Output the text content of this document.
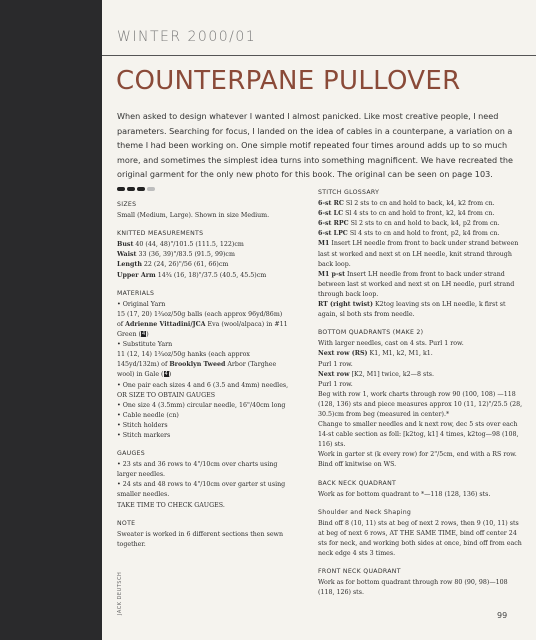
WINTER 2000/01
COUNTERPANE PULLOVER
When asked to design whatever I wanted I almost panicked. Like most creative people, I need parameters. Searching for focus, I landed on the idea of cables in a counterpane, a variation on a theme I had been working on. One simple motif repeated four times around adds up to so much more, and sometimes the simplest idea turns into something magnificent. We have recreated the original garment for the only new photo for this book. The original can be seen on page 103.
SIZES
Small (Medium, Large). Shown in size Medium.
KNITTED MEASUREMENTS
Bust 40 (44, 48)"/101.5 (111.5, 122)cm
Waist 33 (36, 39)"/83.5 (91.5, 99)cm
Length 22 (24, 26)"/56 (61, 66)cm
Upper Arm 14¾ (16, 18)"/37.5 (40.5, 45.5)cm
MATERIALS
• Original Yarn
15 (17, 20) 1¾oz/50g balls (each approx 96yd/86m) of Adrienne Vittadini/JCA Eva (wool/alpaca) in #11 Green (4)
• Substitute Yarn
11 (12, 14) 1¾oz/50g hanks (each approx 145yd/132m) of Brooklyn Tweed Arbor (Targhee wool) in Gale (4)
• One pair each sizes 4 and 6 (3.5 and 4mm) needles, OR SIZE TO OBTAIN GAUGES
• One size 4 (3.5mm) circular needle, 16"/40cm long
• Cable needle (cn)
• Stitch holders
• Stitch markers
GAUGES
• 23 sts and 36 rows to 4"/10cm over charts using larger needles.
• 24 sts and 48 rows to 4"/10cm over garter st using smaller needles.
TAKE TIME TO CHECK GAUGES.
NOTE
Sweater is worked in 6 different sections then sewn together.
STITCH GLOSSARY
6-st RC Sl 2 sts to cn and hold to back, k4, k2 from cn.
6-st LC Sl 4 sts to cn and hold to front, k2, k4 from cn.
6-st RPC Sl 2 sts to cn and hold to back, k4, p2 from cn.
6-st LPC Sl 4 sts to cn and hold to front, p2, k4 from cn.
M1 Insert LH needle from front to back under strand between last st worked and next st on LH needle, knit strand through back loop.
M1 p-st Insert LH needle from front to back under strand between last st worked and next st on LH needle, purl strand through back loop.
RT (right twist) K2tog leaving sts on LH needle, k first st again, sl both sts from needle.
BOTTOM QUADRANTS (MAKE 2)
With larger needles, cast on 4 sts. Purl 1 row.
Next row (RS) K1, M1, k2, M1, k1.
Purl 1 row.
Next row [K2, M1] twice, k2—8 sts.
Purl 1 row.
Beg with row 1, work charts through row 90 (100, 108) —118 (128, 136) sts and piece measures approx 10 (11, 12)"/25.5 (28, 30.5)cm from beg (measured in center).*
Change to smaller needles and k next row, dec 5 sts over each 14-st cable section as foll: [k2tog, k1] 4 times, k2tog—98 (108, 116) sts.
Work in garter st (k every row) for 2"/5cm, end with a RS row. Bind off knitwise on WS.
BACK NECK QUADRANT
Work as for bottom quadrant to *—118 (128, 136) sts.
Shoulder and Neck Shaping
Bind off 8 (10, 11) sts at beg of next 2 rows, then 9 (10, 11) sts at beg of next 6 rows, AT THE SAME TIME, bind off center 24 sts for neck, and working both sides at once, bind off from each neck edge 4 sts 3 times.
FRONT NECK QUADRANT
Work as for bottom quadrant through row 80 (90, 98)—108 (118, 126) sts.
JACK DEUTSCH
99
